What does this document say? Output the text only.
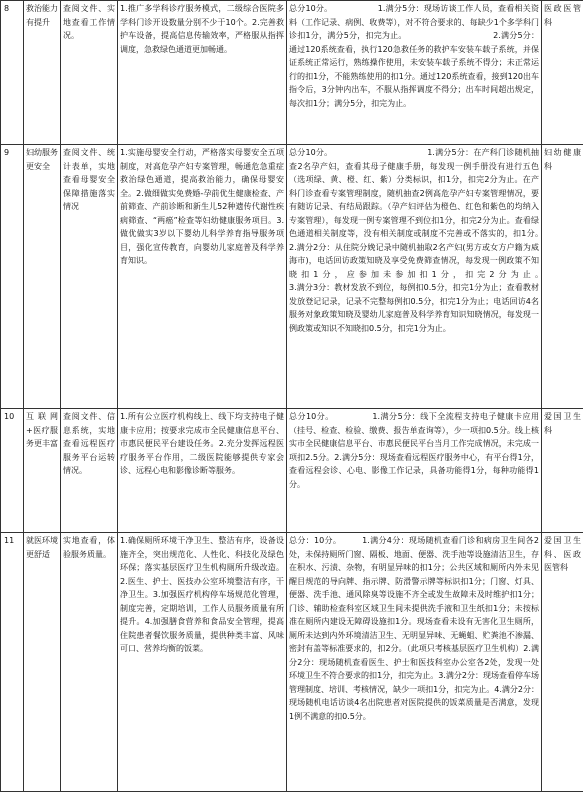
8	救治能力有提升	查阅文件、实地查看工作情况。	1.推广多学科诊疗服务模式，二级综合医院多学科门诊开设数量分别不少于10个。2.完善救护车设备，提高信息传输效率，严格服从指挥调度，急救绿色通道更加畅通。	总分10分。　　　　　　1.满分5分：现场访谈工作人员，查看相关资料（工作记录、病例、收费等），对不符合要求的、每缺少1个多学科门诊扣1分，满分5分，扣完为止。　　　　　　　　　　　2.满分5分：通过120系统查看，执行120急救任务的救护车安装车载子系统，并保证系统正常运行，熟练操作使用，未安装车载子系统不得分；未正常运行的扣1分，不能熟练使用的扣1分。通过120系统查看，接到120出车指令后，3分钟内出车，不服从指挥调度不得分；出车时间超出规定，每次扣1分；满分5分，扣完为止。	医政医管科
9	妇幼服务更安全	查阅文件、统计表单，实地查看母婴安全保障措施落实情况	1.实施母婴安全行动，严格落实母婴安全五项制度，对高危孕产妇专案管理，畅通危急重症救治绿色通道，提高救治能力，确保母婴安全。2.做细做实免费婚-孕前优生健康检查、产前筛查、产前诊断和新生儿52种遗传代谢性疾病筛查、“两癌”检查等妇幼健康服务项目。3.做优做实3岁以下婴幼儿科学养育指导服务项目，强化宣传教育，向婴幼儿家庭普及科学养育知识。	总分10分。　　　　　　　　　　　　1.满分5分：在产科门诊随机抽查2名孕产妇，查看其母子健康手册，每发现一例手册没有进行五色（选项绿、黄、橙、红、紫）分类标识，扣1分，扣完2分为止。在产科门诊查看专案管理制度，随机抽查2例高危孕产妇专案管理情况，要有随访记录、有结局跟踪。（孕产妇评估为橙色、红色和紫色的均纳入专案管理），每发现一例专案管理不到位扣1分，扣完2分为止。查看绿色通道相关制度等，没有相关制度或制度不完善或不落实的，扣1分。　　　　　　　2.满分2分：从住院分娩记录中随机抽取2名产妇(男方或女方户籍为威海市)，电话回访政策知晓及享受免费筛查情况，每发现一例政策不知晓扣1分，应参加未参加扣1分，扣完2分为止。　　　　　　　　　　3.满分3分：教材发放不到位，每例扣0.5分，扣完1分为止；查看教材发放登记记录，记录不完整每例扣0.5分，扣完1分为止；电话回访4名服务对象政策知晓及婴幼儿家庭普及科学养育知识知晓情况，每发现一例政策或知识不知晓扣0.5分，扣完1分为止。	妇幼健康科
10	互联网+医疗服务更丰富	查阅文件、信息系统，实地查看远程医疗服务平台运转情况。	1.所有公立医疗机构线上、线下均支持电子健康卡应用；按要求完成市全民健康信息平台、市惠民便民平台建设任务。2.充分发挥远程医疗服务平台作用，二级医院能够提供专家会诊、远程心电和影像诊断等服务。	总分10分。　　　　　1.满分5分：线下全流程支持电子健康卡应用（挂号、检查、检验、缴费、报告单查询等），少一项扣0.5分。线上核实市全民健康信息平台、市惠民便民平台当月工作完成情况，未完成一项扣2.5分。2.满分5分：现场查看远程医疗服务中心，有平台得1分，查看远程会诊、心电、影像工作记录，具备功能得1分，每种功能得1分。	爱国卫生科
11	就医环境更舒适	实地查看，体验服务质量。	1.确保厕所环境干净卫生、整洁有序，设备设施齐全，突出规范化、人性化、科技化及绿色环保；落实基层医疗卫生机构厕所升级改造。2.医生、护士、医技办公室环境整洁有序，干净卫生。3.加强医疗机构停车场规范化管理，制度完善，定期培训，工作人员服务质量有所提升。4.加强膳食营养和食品安全管理，提高住院患者餐饮服务质量，提供种类丰富、风味可口、营养均衡的饭菜。	总分：10分。　　　1.满分4分：现场随机查看门诊和病房卫生间各2处，未保持厕所门窗、隔板、地面、便器、洗手池等设施清洁卫生，存在积水、污渍、杂物，有明显异味的扣1分；公共区域和厕所内外未见醒目规范的导向牌、指示牌、防滑警示牌等标识扣1分；门窗、灯具、便器、洗手池、通风除臭等设施不齐全或发生故障未及时维护扣1分；门诊、辅助检查科室区域卫生间未提供洗手液和卫生纸扣1分；未按标准在厕所内建设无障碍设施扣1分。现场查看未设有无害化卫生厕所，厕所未达到内外环境清洁卫生、无明显异味、无蝇蛆、贮粪池不渗漏、密封有盖等标准要求的，扣2分。（此项只考核基层医疗卫生机构）2.满分2分：现场随机查看医生、护士和医技科室办公室各2处，发现一处环境卫生不符合要求的扣1分，扣完为止。3.满分2分：现场查看停车场管理制度、培训、考核情况，缺少一项扣1分，扣完为止。4.满分2分：现场随机电话访谈4名出院患者对医院提供的饭菜质量是否满意，发现1例不满意的扣0.5分。	爱国卫生科、医政医管科
